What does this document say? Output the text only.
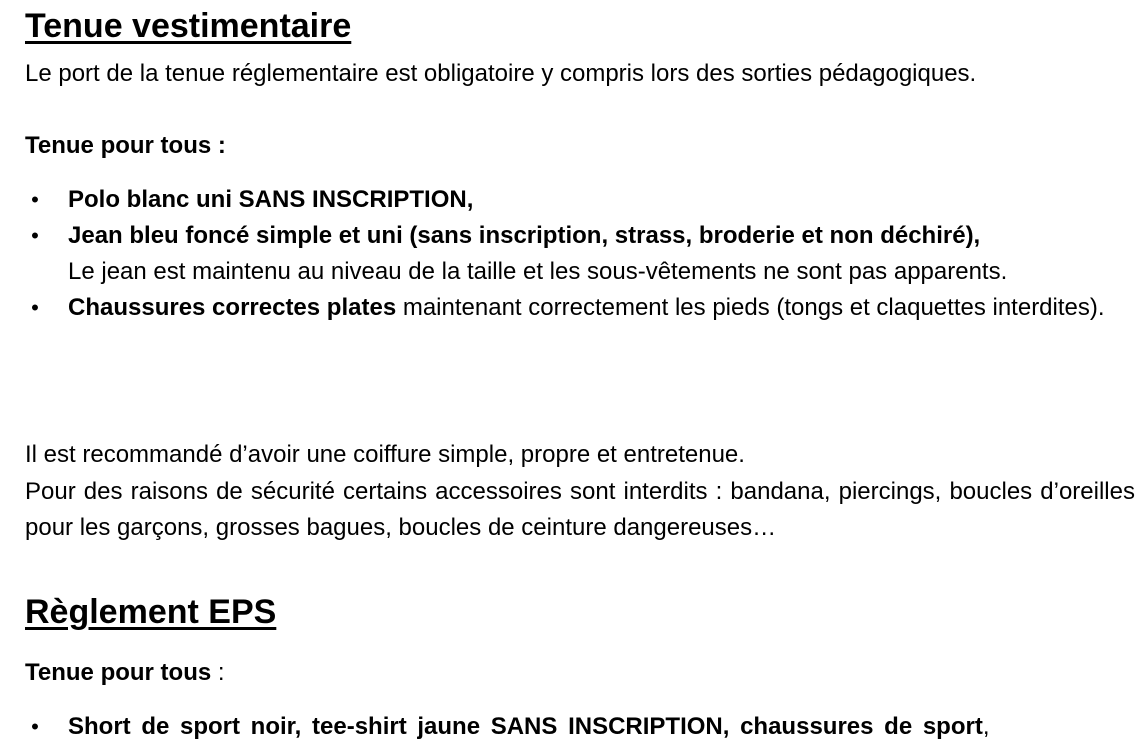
Tenue vestimentaire

Le port de la tenue réglementaire est obligatoire y compris lors des sorties pédagogiques.

Tenue pour tous :
• Polo blanc uni SANS INSCRIPTION,
• Jean bleu foncé simple et uni (sans inscription, strass, broderie et non déchiré),
Le jean est maintenu au niveau de la taille et les sous-vêtements ne sont pas apparents.
• Chaussures correctes plates maintenant correctement les pieds (tongs et claquettes interdites).

Il est recommandé d’avoir une coiffure simple, propre et entretenue.

Pour des raisons de sécurité certains accessoires sont interdits : bandana, piercings, boucles d’oreilles pour les garçons, grosses bagues, boucles de ceinture dangereuses…

Règlement EPS
Tenue pour tous :
• Short de sport noir, tee-shirt jaune SANS INSCRIPTION, chaussures de sport,
